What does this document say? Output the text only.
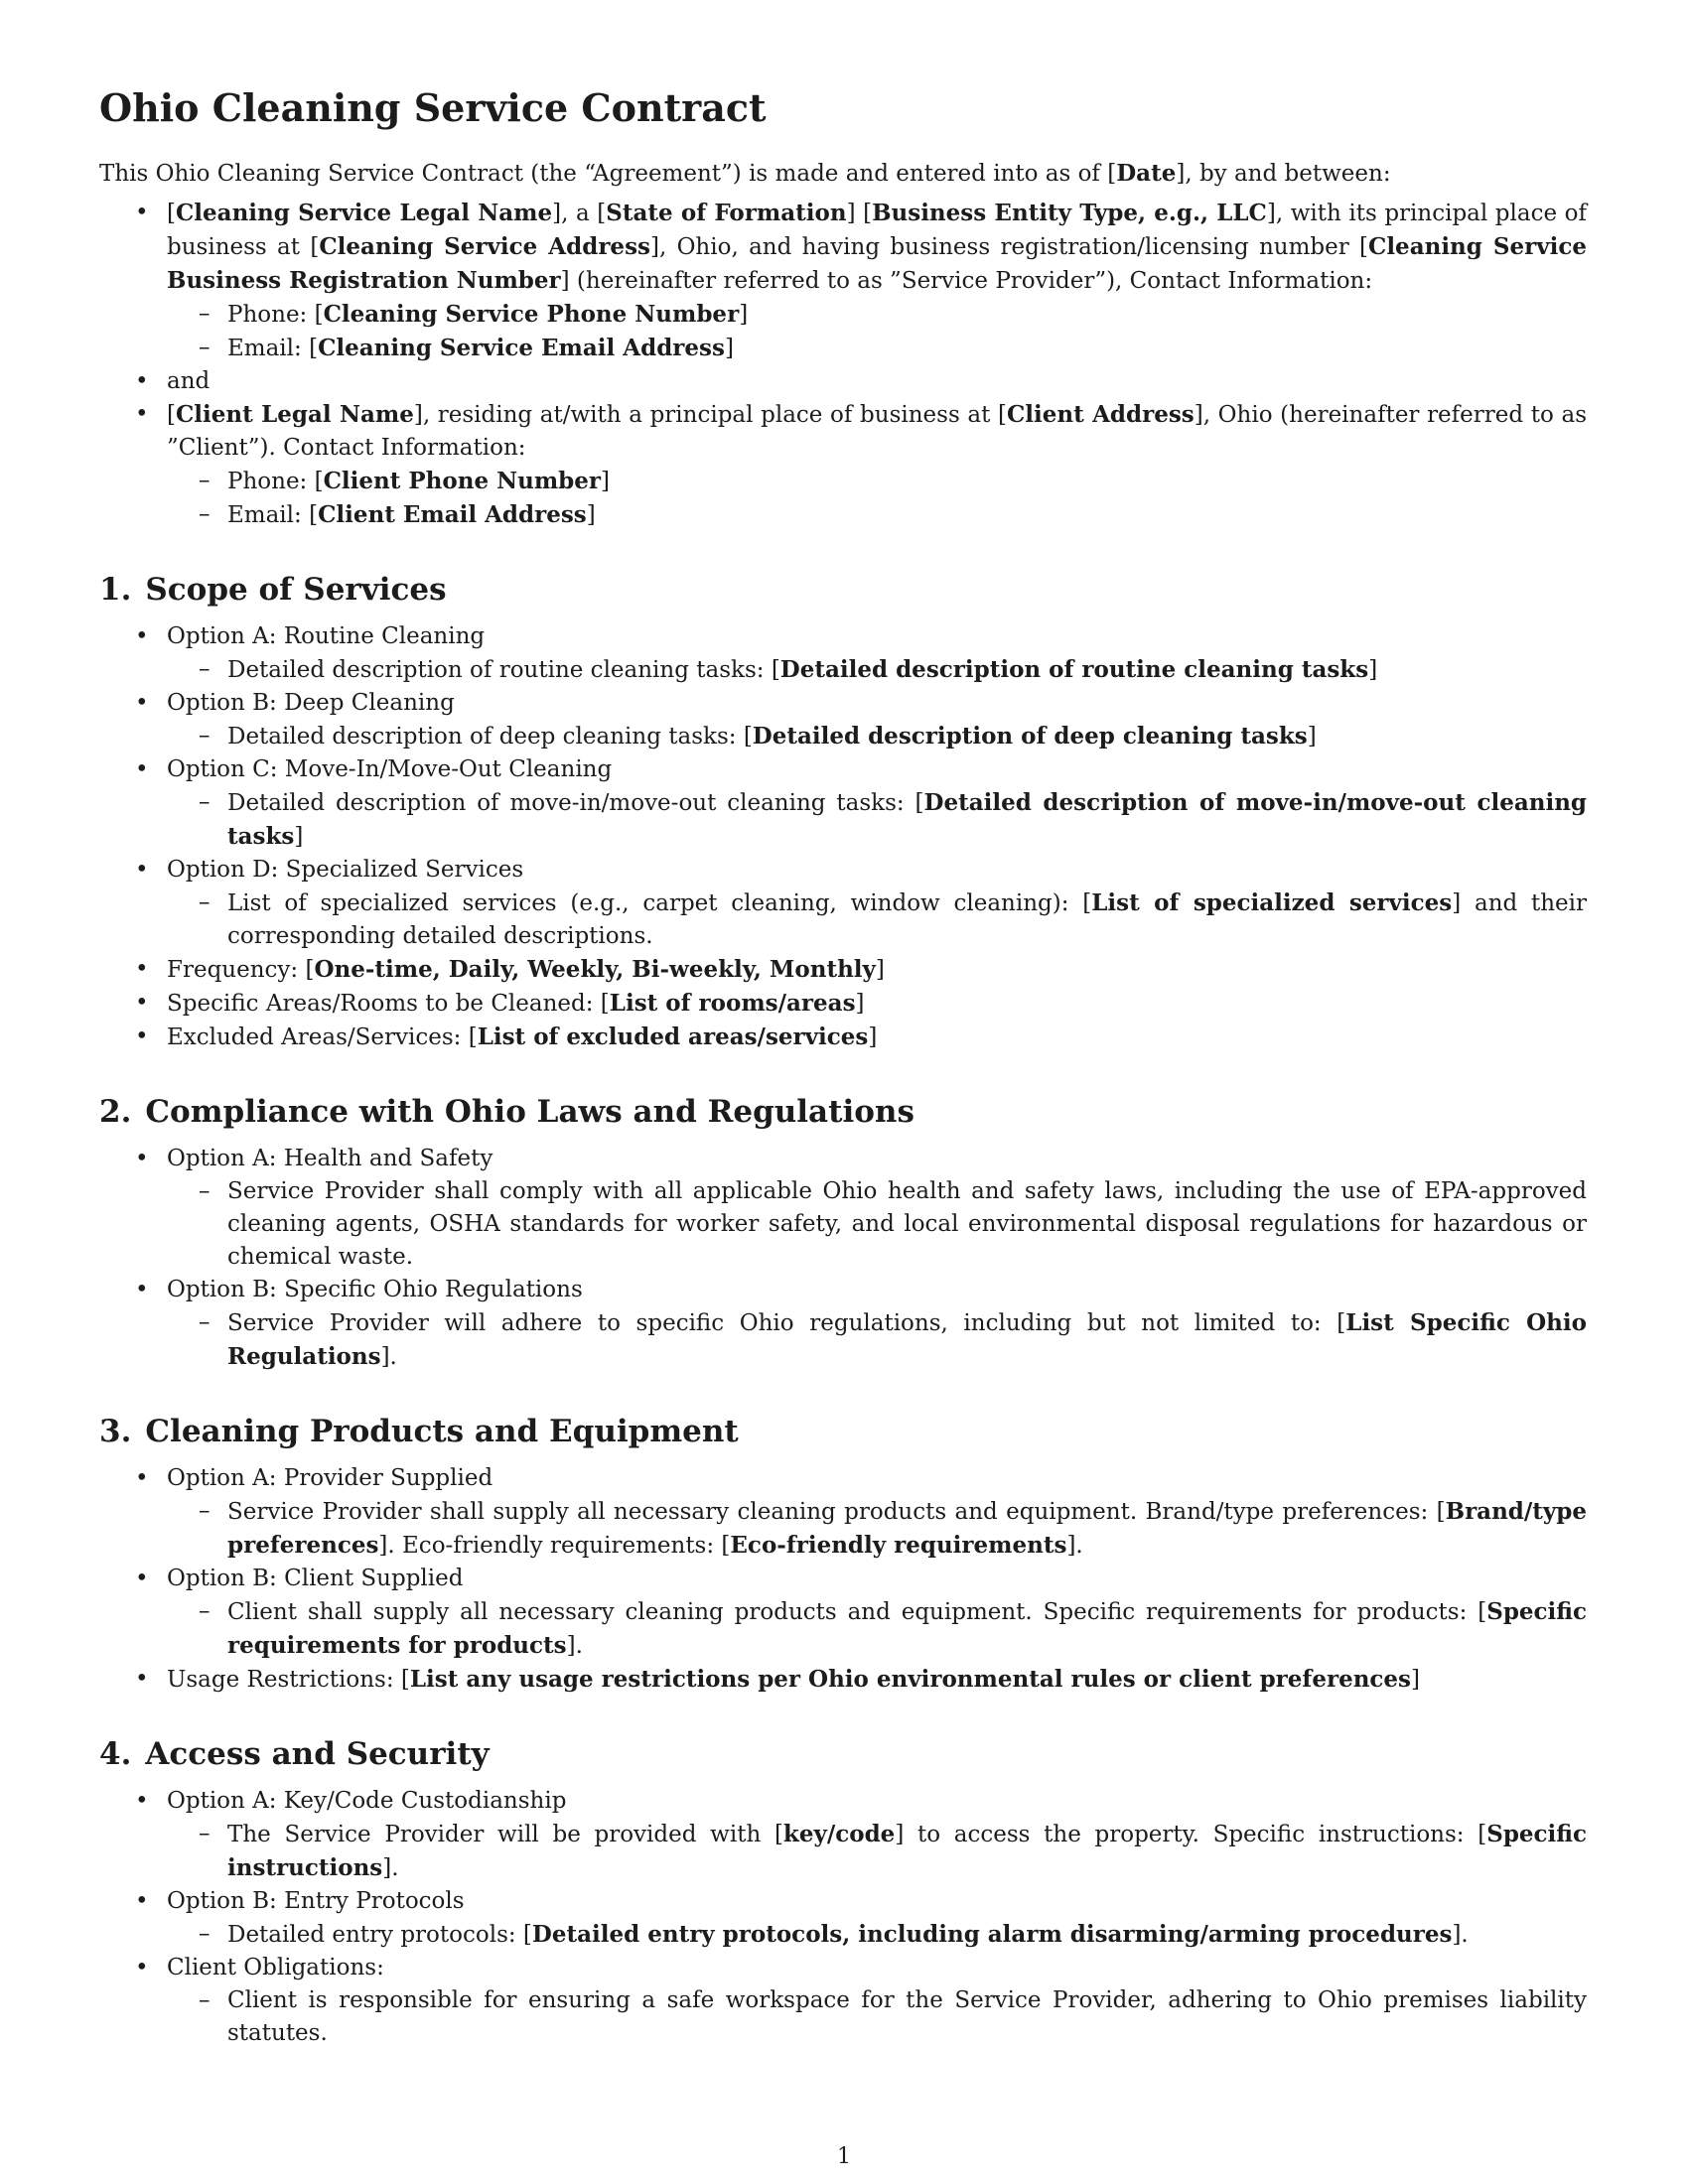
Ohio Cleaning Service Contract

This Ohio Cleaning Service Contract (the “Agreement”) is made and entered into as of [Date], by and between:

• [Cleaning Service Legal Name], a [State of Formation] [Business Entity Type, e.g., LLC], with its principal place of business at [Cleaning Service Address], Ohio, and having business registration/licensing number [Cleaning Service Business Registration Number] (hereinafter referred to as ”Service Provider”), Contact Information:
– Phone: [Cleaning Service Phone Number]
– Email: [Cleaning Service Email Address]
• and
• [Client Legal Name], residing at/with a principal place of business at [Client Address], Ohio (hereinafter referred to as ”Client”). Contact Information:
– Phone: [Client Phone Number]
– Email: [Client Email Address]
1. Scope of Services
• Option A: Routine Cleaning
– Detailed description of routine cleaning tasks: [Detailed description of routine cleaning tasks]
• Option B: Deep Cleaning
– Detailed description of deep cleaning tasks: [Detailed description of deep cleaning tasks]
• Option C: Move-In/Move-Out Cleaning
– Detailed description of move-in/move-out cleaning tasks: [Detailed description of move-in/move-out cleaning tasks]
• Option D: Specialized Services
– List of specialized services (e.g., carpet cleaning, window cleaning): [List of specialized services] and their corresponding detailed descriptions.
• Frequency: [One-time, Daily, Weekly, Bi-weekly, Monthly]
• Specific Areas/Rooms to be Cleaned: [List of rooms/areas]
• Excluded Areas/Services: [List of excluded areas/services]
2. Compliance with Ohio Laws and Regulations
• Option A: Health and Safety
– Service Provider shall comply with all applicable Ohio health and safety laws, including the use of EPA-approved cleaning agents, OSHA standards for worker safety, and local environmental disposal regulations for hazardous or chemical waste.
• Option B: Specific Ohio Regulations
– Service Provider will adhere to specific Ohio regulations, including but not limited to: [List Specific Ohio Regulations].
3. Cleaning Products and Equipment
• Option A: Provider Supplied
– Service Provider shall supply all necessary cleaning products and equipment. Brand/type preferences: [Brand/type preferences]. Eco-friendly requirements: [Eco-friendly requirements].
• Option B: Client Supplied
– Client shall supply all necessary cleaning products and equipment. Specific requirements for products: [Specific requirements for products].
• Usage Restrictions: [List any usage restrictions per Ohio environmental rules or client preferences]
4. Access and Security
• Option A: Key/Code Custodianship
– The Service Provider will be provided with [key/code] to access the property. Specific instructions: [Specific instructions].
• Option B: Entry Protocols
– Detailed entry protocols: [Detailed entry protocols, including alarm disarming/arming procedures].
• Client Obligations:
– Client is responsible for ensuring a safe workspace for the Service Provider, adhering to Ohio premises liability statutes.
1
